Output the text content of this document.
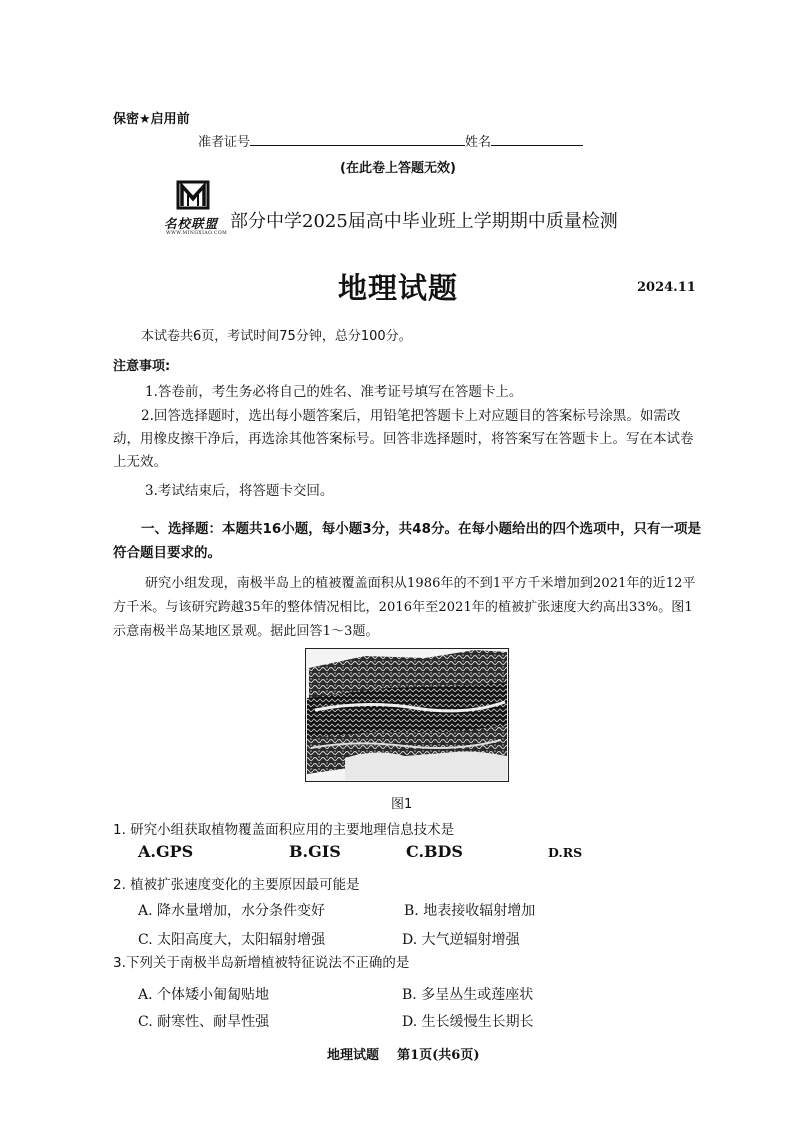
保密★启用前
准者证号	姓名
(在此卷上答题无效)
名校联盟
WWW.MINGXIAO.COM
部分中学2025届高中毕业班上学期期中质量检测
地理试题	2024.11
本试卷共6页，考试时间75分钟，总分100分。
注意事项:
1.答卷前，考生务必将自己的姓名、准考证号填写在答题卡上。
2.回答选择题时，选出每小题答案后，用铅笔把答题卡上对应题目的答案标号涂黑。如需改动，用橡皮擦干净后，再选涂其他答案标号。回答非选择题时，将答案写在答题卡上。写在本试卷上无效。
3.考试结束后，将答题卡交回。
一、选择题：本题共16小题，每小题3分，共48分。在每小题给出的四个选项中，只有一项是符合题目要求的。
研究小组发现，南极半岛上的植被覆盖面积从1986年的不到1平方千米增加到2021年的近12平方千米。与该研究跨越35年的整体情况相比，2016年至2021年的植被扩张速度大约高出33%。图1示意南极半岛某地区景观。据此回答1～3题。
图1
1. 研究小组获取植物覆盖面积应用的主要地理信息技术是
A.GPS	B.GIS	C.BDS	D.RS
2. 植被扩张速度变化的主要原因最可能是
A. 降水量增加，水分条件变好	B. 地表接收辐射增加
C. 太阳高度大，太阳辐射增强	D. 大气逆辐射增强
3.下列关于南极半岛新增植被特征说法不正确的是
A. 个体矮小匍匐贴地	B. 多呈丛生或莲座状
C. 耐寒性、耐旱性强	D. 生长缓慢生长期长
地理试题    第1页(共6页)
